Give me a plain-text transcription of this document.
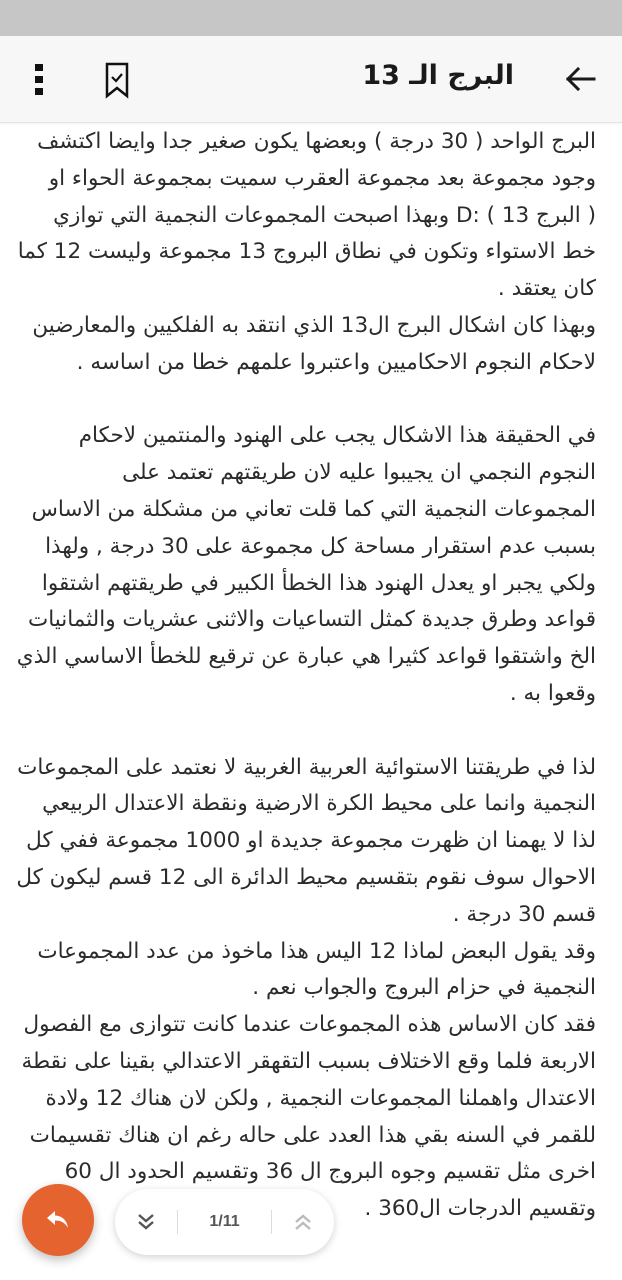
البرج الـ 13
البرج الواحد ( 30 درجة ) وبعضها يكون صغير جدا وايضا اكتشف
وجود مجموعة بعد مجموعة العقرب سميت بمجموعة الحواء او
( البرج 13 ) :D وبهذا اصبحت المجموعات النجمية التي توازي
خط الاستواء وتكون في نطاق البروج 13 مجموعة وليست 12 كما
كان يعتقد .
وبهذا كان اشكال البرج ال13 الذي انتقد به الفلكيين والمعارضين
لاحكام النجوم الاحكاميين واعتبروا علمهم خطا من اساسه .
في الحقيقة هذا الاشكال يجب على الهنود والمنتمين لاحكام
النجوم النجمي ان يجيبوا عليه لان طريقتهم تعتمد على
المجموعات النجمية التي كما قلت تعاني من مشكلة من الاساس
بسبب عدم استقرار مساحة كل مجموعة على 30 درجة , ولهذا
ولكي يجبر او يعدل الهنود هذا الخطأ الكبير في طريقتهم اشتقوا
قواعد وطرق جديدة كمثل التساعيات والاثنى عشريات والثمانيات
الخ واشتقوا قواعد كثيرا هي عبارة عن ترقيع للخطأ الاساسي الذي
وقعوا به .
لذا في طريقتنا الاستوائية العربية الغربية لا نعتمد على المجموعات
النجمية وانما على محيط الكرة الارضية ونقطة الاعتدال الربيعي
لذا لا يهمنا ان ظهرت مجموعة جديدة او 1000 مجموعة ففي كل
الاحوال سوف نقوم بتقسيم محيط الدائرة الى 12 قسم ليكون كل
قسم 30 درجة .
وقد يقول البعض لماذا 12 اليس هذا ماخوذ من عدد المجموعات
النجمية في حزام البروج والجواب نعم .
فقد كان الاساس هذه المجموعات عندما كانت تتوازى مع الفصول
الاربعة فلما وقع الاختلاف بسبب التقهقر الاعتدالي بقينا على نقطة
الاعتدال واهملنا المجموعات النجمية , ولكن لان هناك 12 ولادة
للقمر في السنه بقي هذا العدد على حاله رغم ان هناك تقسيمات
اخرى مثل تقسيم وجوه البروج ال 36 وتقسيم الحدود ال 60
وتقسيم الدرجات ال360 .
1/11
